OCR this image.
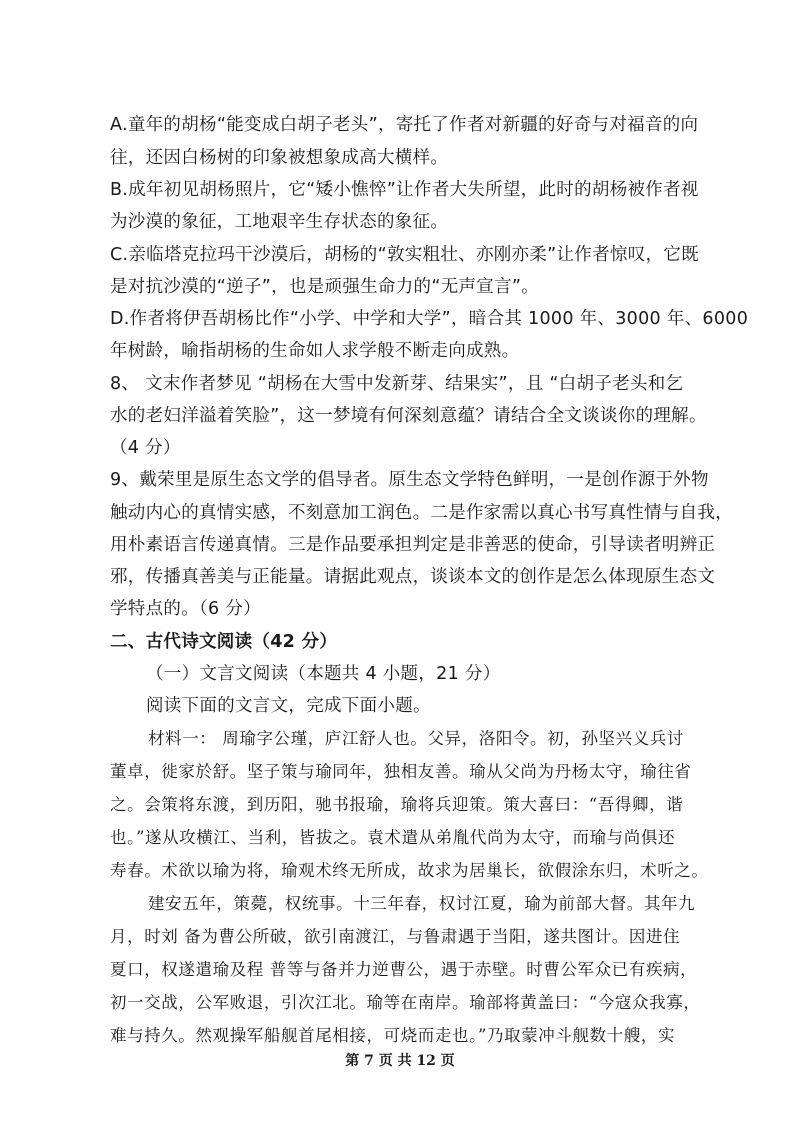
A.童年的胡杨“能变成白胡子老头”，寄托了作者对新疆的好奇与对福音的向
往，还因白杨树的印象被想象成高大横样。
B.成年初见胡杨照片，它“矮小憔悴”让作者大失所望，此时的胡杨被作者视
为沙漠的象征，工地艰辛生存状态的象征。
C.亲临塔克拉玛干沙漠后，胡杨的“敦实粗壮、亦刚亦柔”让作者惊叹，它既
是对抗沙漠的“逆子”，也是顽强生命力的“无声宣言”。
D.作者将伊吾胡杨比作“小学、中学和大学”，暗合其 1000 年、3000 年、6000
年树龄，喻指胡杨的生命如人求学般不断走向成熟。
8、 文末作者梦见 “胡杨在大雪中发新芽、结果实”，且 “白胡子老头和乞
水的老妇洋溢着笑脸”，这一梦境有何深刻意蕴？请结合全文谈谈你的理解。
（4 分）
9、戴荣里是原生态文学的倡导者。原生态文学特色鲜明，一是创作源于外物
触动内心的真情实感，不刻意加工润色。二是作家需以真心书写真性情与自我，
用朴素语言传递真情。三是作品要承担判定是非善恶的使命，引导读者明辨正
邪，传播真善美与正能量。请据此观点，谈谈本文的创作是怎么体现原生态文
学特点的。（6 分）
二、古代诗文阅读（42 分）
（一）文言文阅读（本题共 4 小题，21 分）
阅读下面的文言文，完成下面小题。
材料一： 周瑜字公瑾，庐江舒人也。父异，洛阳令。初，孙坚兴义兵讨
董卓，徙家於舒。坚子策与瑜同年，独相友善。瑜从父尚为丹杨太守，瑜往省
之。会策将东渡，到历阳，驰书报瑜，瑜将兵迎策。策大喜曰：“吾得卿，谐
也。”遂从攻横江、当利，皆拔之。袁术遣从弟胤代尚为太守，而瑜与尚俱还
寿春。术欲以瑜为将，瑜观术终无所成，故求为居巢长，欲假涂东归，术听之。
建安五年，策薨，权统事。十三年春，权讨江夏，瑜为前部大督。其年九
月，时刘 备为曹公所破，欲引南渡江，与鲁肃遇于当阳，遂共图计。因进住
夏口，权遂遣瑜及程 普等与备并力逆曹公，遇于赤壁。时曹公军众已有疾病，
初一交战，公军败退，引次江北。瑜等在南岸。瑜部将黄盖曰：“今寇众我寡，
难与持久。然观操军船舰首尾相接，可烧而走也。”乃取蒙冲斗舰数十艘，实
第 7 页 共 12 页
